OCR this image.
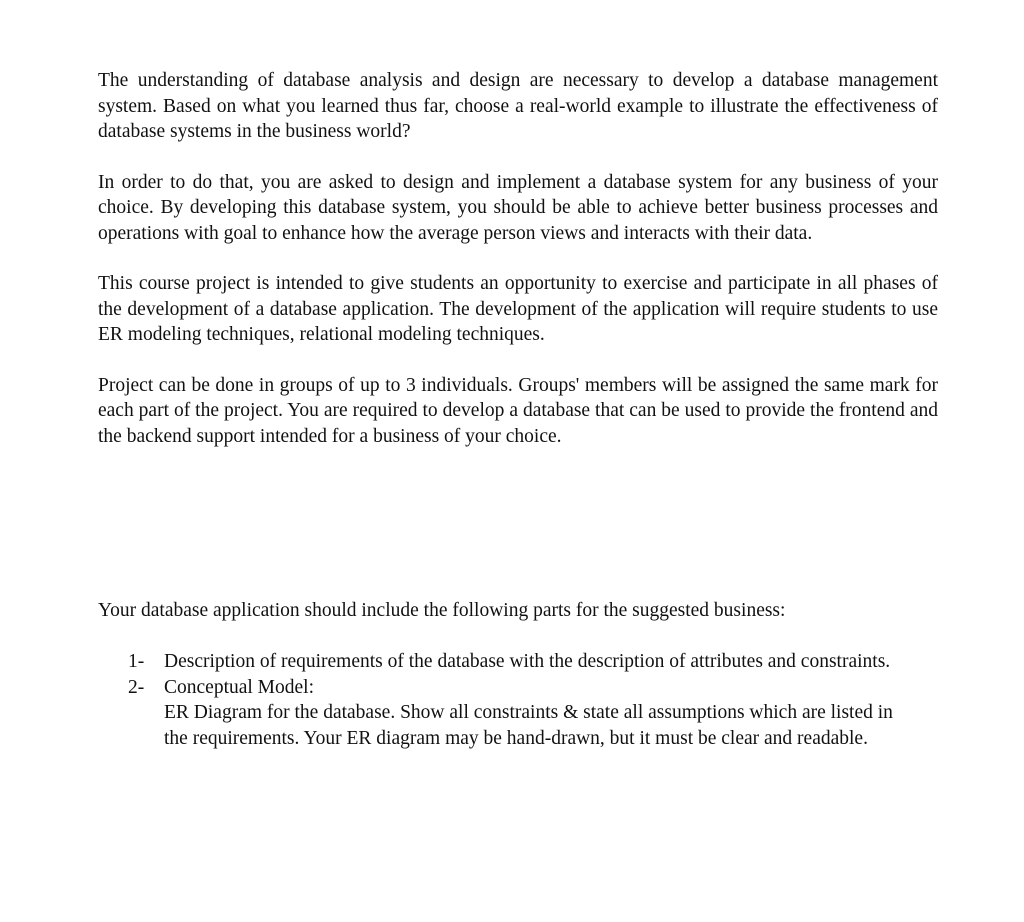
The understanding of database analysis and design are necessary to develop a database management system. Based on what you learned thus far, choose a real-world example to illustrate the effectiveness of database systems in the business world?

In order to do that, you are asked to design and implement a database system for any business of your choice. By developing this database system, you should be able to achieve better business processes and operations with goal to enhance how the average person views and interacts with their data.

This course project is intended to give students an opportunity to exercise and participate in all phases of the development of a database application. The development of the application will require students to use ER modeling techniques, relational modeling techniques.

Project can be done in groups of up to 3 individuals. Groups' members will be assigned the same mark for each part of the project. You are required to develop a database that can be used to provide the frontend and the backend support intended for a business of your choice.

Your database application should include the following parts for the suggested business:

1-	Description of requirements of the database with the description of attributes and constraints.
2-	Conceptual Model:
ER Diagram for the database. Show all constraints & state all assumptions which are listed in the requirements. Your ER diagram may be hand-drawn, but it must be clear and readable.
